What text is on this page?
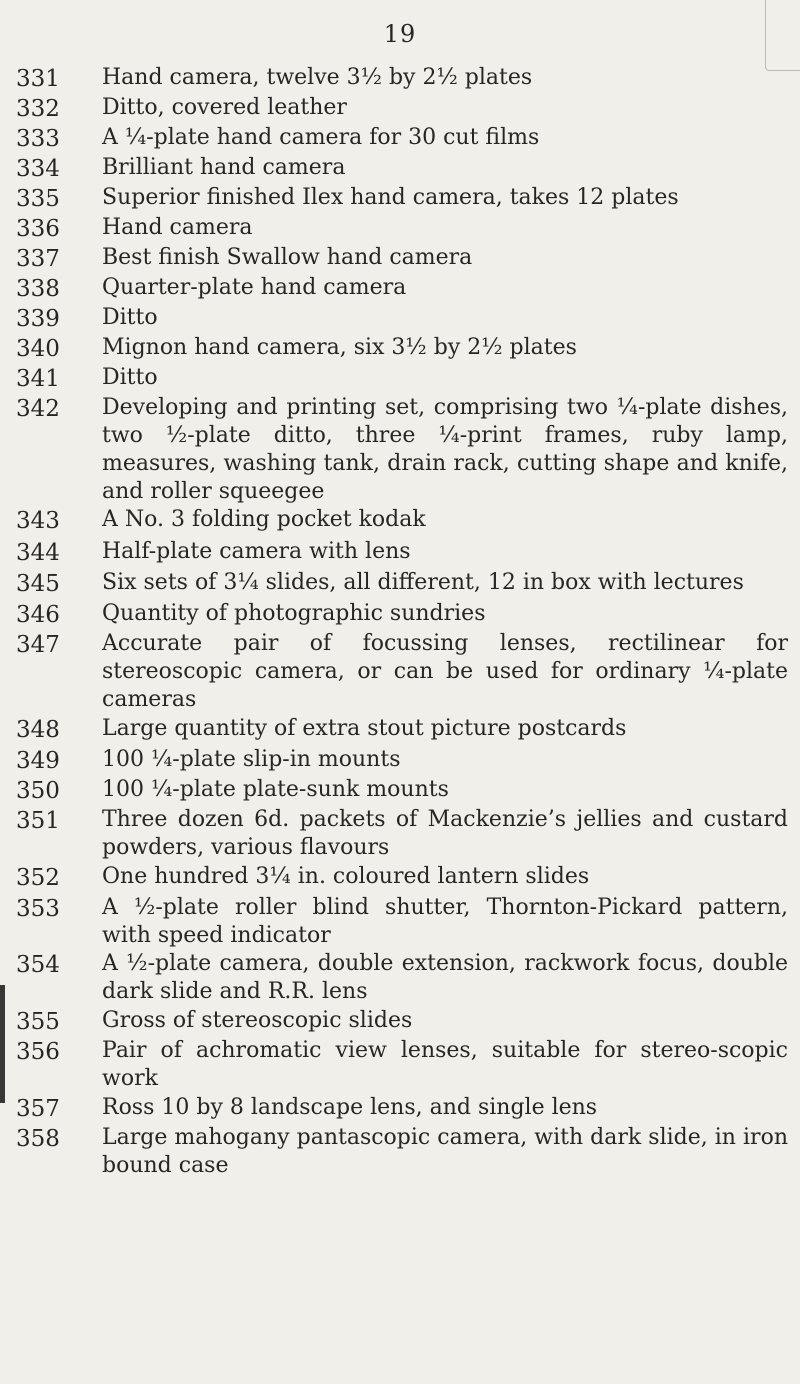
19
331	Hand camera, twelve 3½ by 2½ plates
332	Ditto, covered leather
333	A ¼-plate hand camera for 30 cut films
334	Brilliant hand camera
335	Superior finished Ilex hand camera, takes 12 plates
336	Hand camera
337	Best finish Swallow hand camera
338	Quarter-plate hand camera
339	Ditto
340	Mignon hand camera, six 3½ by 2½ plates
341	Ditto
342	Developing and printing set, comprising two ¼-plate dishes, two ½-plate ditto, three ¼-print frames, ruby lamp, measures, washing tank, drain rack, cutting shape and knife, and roller squeegee
343	A No. 3 folding pocket kodak
344	Half-plate camera with lens
345	Six sets of 3¼ slides, all different, 12 in box with lectures
346	Quantity of photographic sundries
347	Accurate pair of focussing lenses, rectilinear for stereoscopic camera, or can be used for ordinary ¼-plate cameras
348	Large quantity of extra stout picture postcards
349	100 ¼-plate slip-in mounts
350	100 ¼-plate plate-sunk mounts
351	Three dozen 6d. packets of Mackenzie’s jellies and custard powders, various flavours
352	One hundred 3¼ in. coloured lantern slides
353	A ½-plate roller blind shutter, Thornton-Pickard pattern, with speed indicator
354	A ½-plate camera, double extension, rackwork focus, double dark slide and R.R. lens
355	Gross of stereoscopic slides
356	Pair of achromatic view lenses, suitable for stereo-scopic work
357	Ross 10 by 8 landscape lens, and single lens
358	Large mahogany pantascopic camera, with dark slide, in iron bound case
